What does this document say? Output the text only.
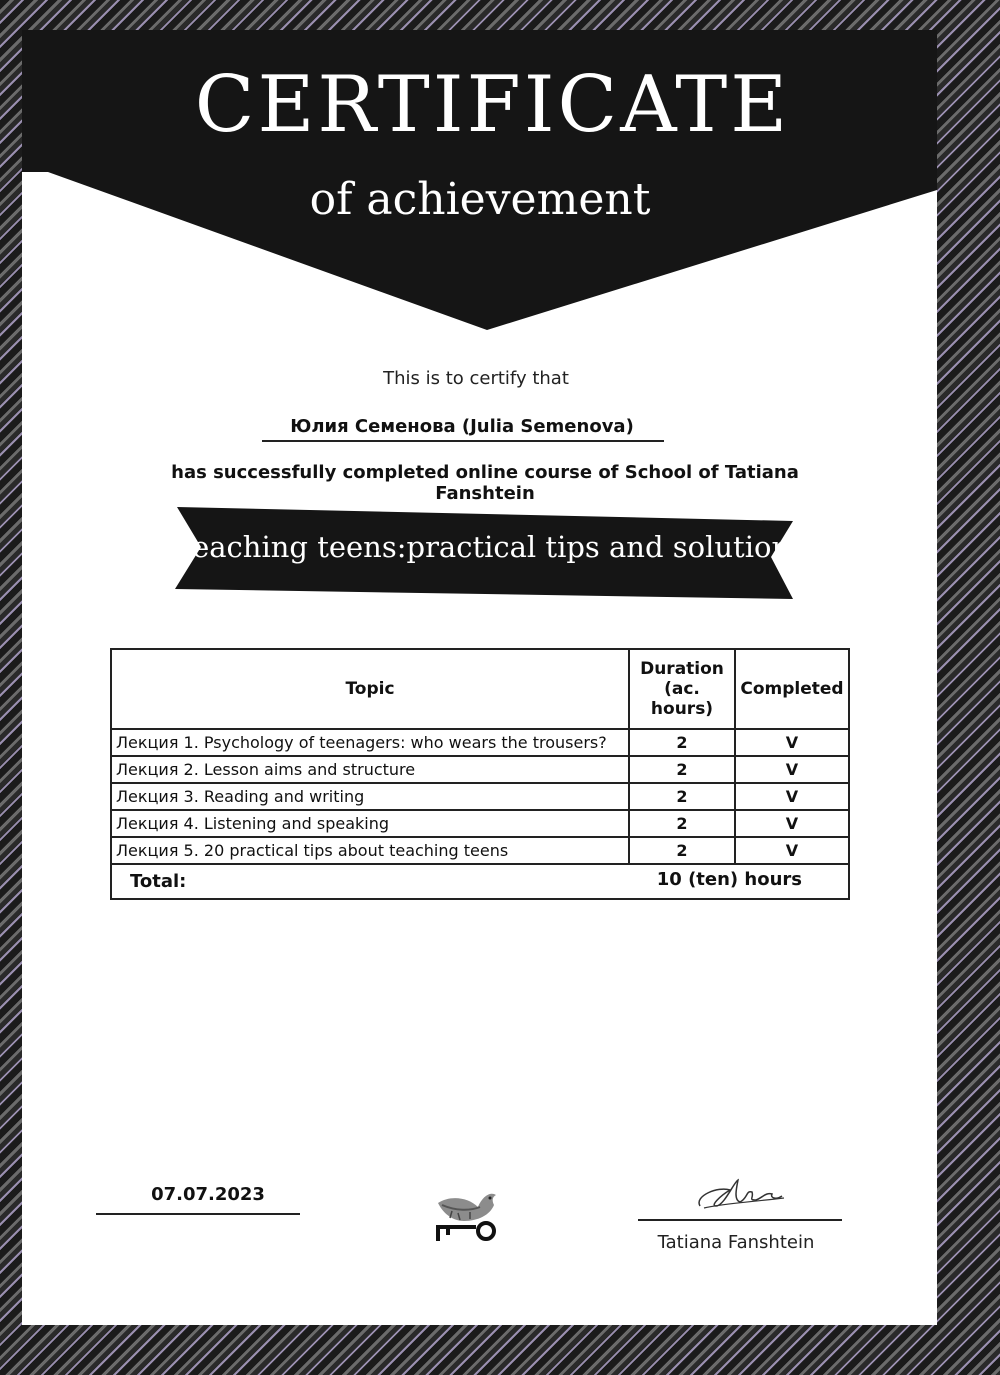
CERTIFICATE
of achievement
This is to certify that
Юлия Семенова (Julia Semenova)
has successfully completed online course of School of Tatiana Fanshtein
Teaching teens:practical tips and solutions
Topic	Duration (ac. hours)	Completed
Лекция 1. Psychology of teenagers: who wears the trousers?	2	V
Лекция 2. Lesson aims and structure	2	V
Лекция 3. Reading and writing	2	V
Лекция 4. Listening and speaking	2	V
Лекция 5. 20 practical tips about teaching teens	2	V
Total:	10 (ten) hours	
07.07.2023
Tatiana Fanshtein
